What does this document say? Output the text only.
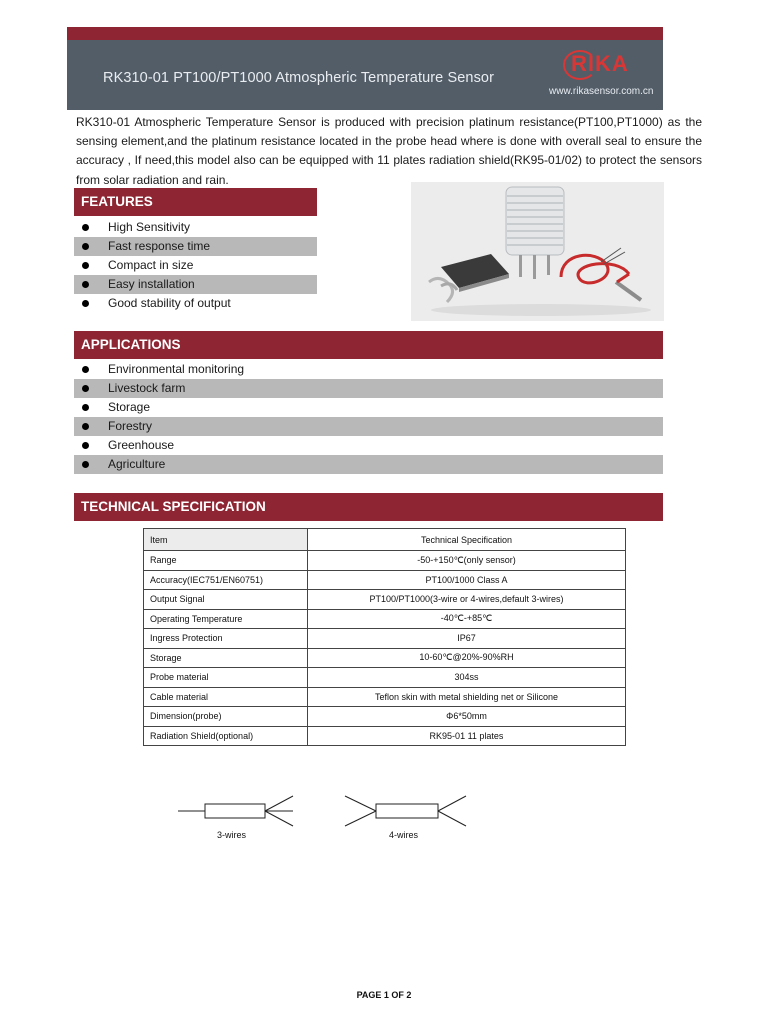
RK310-01 PT100/PT1000 Atmospheric Temperature Sensor
RIKA
www.rikasensor.com.cn

RK310-01 Atmospheric Temperature Sensor is produced with precision platinum resistance(PT100,PT1000) as the sensing element,and the platinum resistance located in the probe head where is done with overall seal to ensure the accuracy , If need,this model also can be equipped with 11 plates radiation shield(RK95-01/02) to protect the sensors from solar radiation and rain.

FEATURES
High Sensitivity
Fast response time
Compact in size
Easy installation
Good stability of output
APPLICATIONS
Environmental monitoring
Livestock farm
Storage
Forestry
Greenhouse
Agriculture
TECHNICAL SPECIFICATION
Item	Technical Specification
Range	-50-+150℃(only sensor)
Accuracy(IEC751/EN60751)	PT100/1000 Class A
Output Signal	PT100/PT1000(3-wire or 4-wires,default 3-wires)
Operating Temperature	-40℃-+85℃
Ingress Protection	IP67
Storage	10-60℃@20%-90%RH
Probe material	304ss
Cable material	Teflon skin with metal shielding net or Silicone
Dimension(probe)	Φ6*50mm
Radiation Shield(optional)	RK95-01 11 plates
3-wires	4-wires
PAGE 1 OF 2
